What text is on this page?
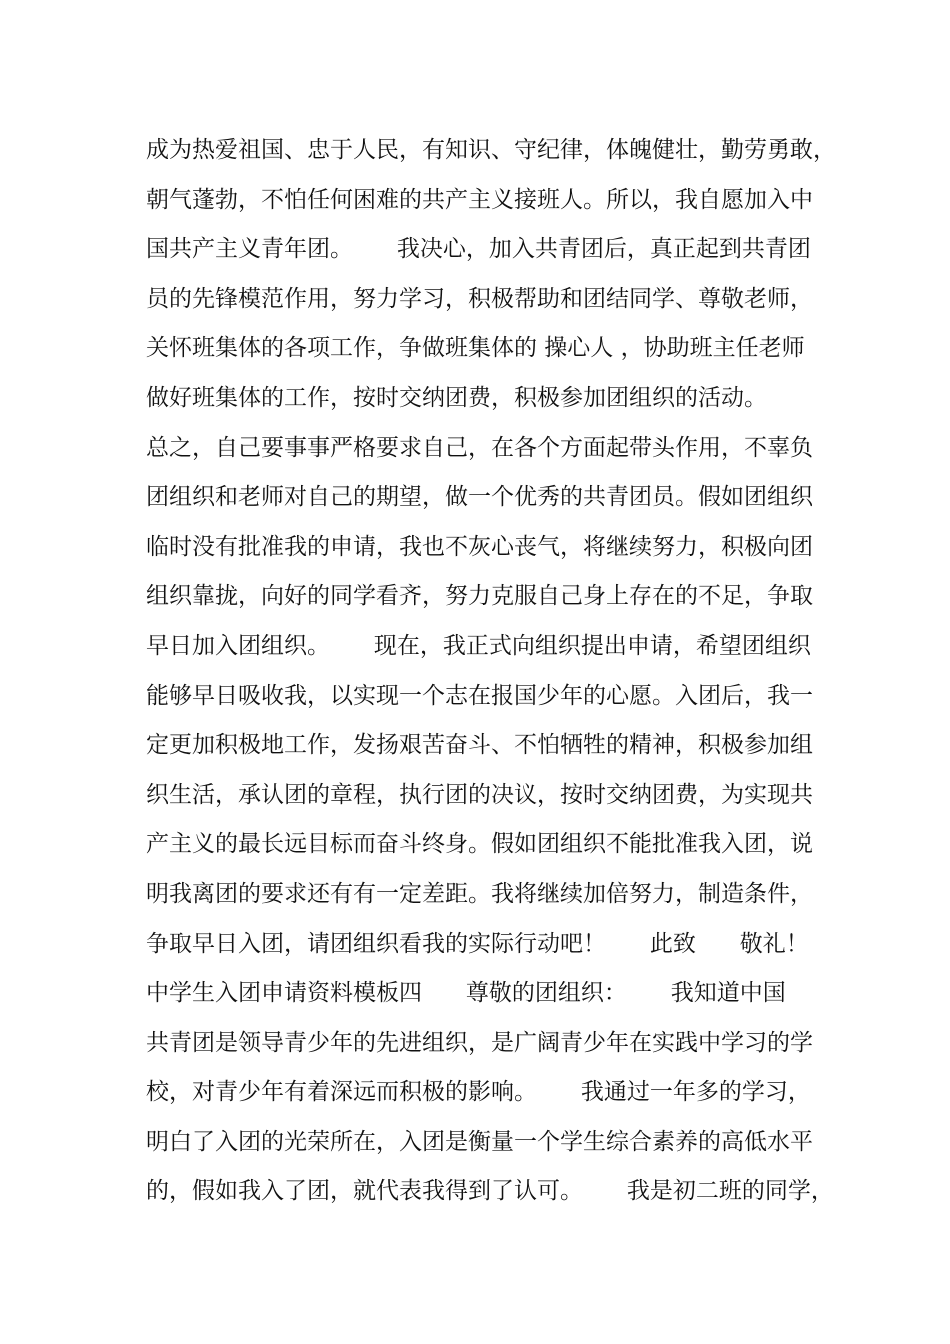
成为热爱祖国、忠于人民，有知识、守纪律，体魄健壮，勤劳勇敢，
朝气蓬勃，不怕任何困难的共产主义接班人。所以，我自愿加入中
国共产主义青年团。      我决心，加入共青团后，真正起到共青团
员的先锋模范作用，努力学习，积极帮助和团结同学、尊敬老师，
关怀班集体的各项工作，争做班集体的 操心人 ，协助班主任老师
做好班集体的工作，按时交纳团费，积极参加团组织的活动。
总之，自己要事事严格要求自己，在各个方面起带头作用，不辜负
团组织和老师对自己的期望，做一个优秀的共青团员。假如团组织
临时没有批准我的申请，我也不灰心丧气，将继续努力，积极向团
组织靠拢，向好的同学看齐，努力克服自己身上存在的不足，争取
早日加入团组织。      现在，我正式向组织提出申请，希望团组织
能够早日吸收我，以实现一个志在报国少年的心愿。入团后，我一
定更加积极地工作，发扬艰苦奋斗、不怕牺牲的精神，积极参加组
织生活，承认团的章程，执行团的决议，按时交纳团费，为实现共
产主义的最长远目标而奋斗终身。假如团组织不能批准我入团，说
明我离团的要求还有有一定差距。我将继续加倍努力，制造条件，
争取早日入团，请团组织看我的实际行动吧！      此致      敬礼！
中学生入团申请资料模板四      尊敬的团组织：      我知道中国
共青团是领导青少年的先进组织，是广阔青少年在实践中学习的学
校，对青少年有着深远而积极的影响。      我通过一年多的学习，
明白了入团的光荣所在，入团是衡量一个学生综合素养的高低水平
的，假如我入了团，就代表我得到了认可。      我是初二班的同学，
